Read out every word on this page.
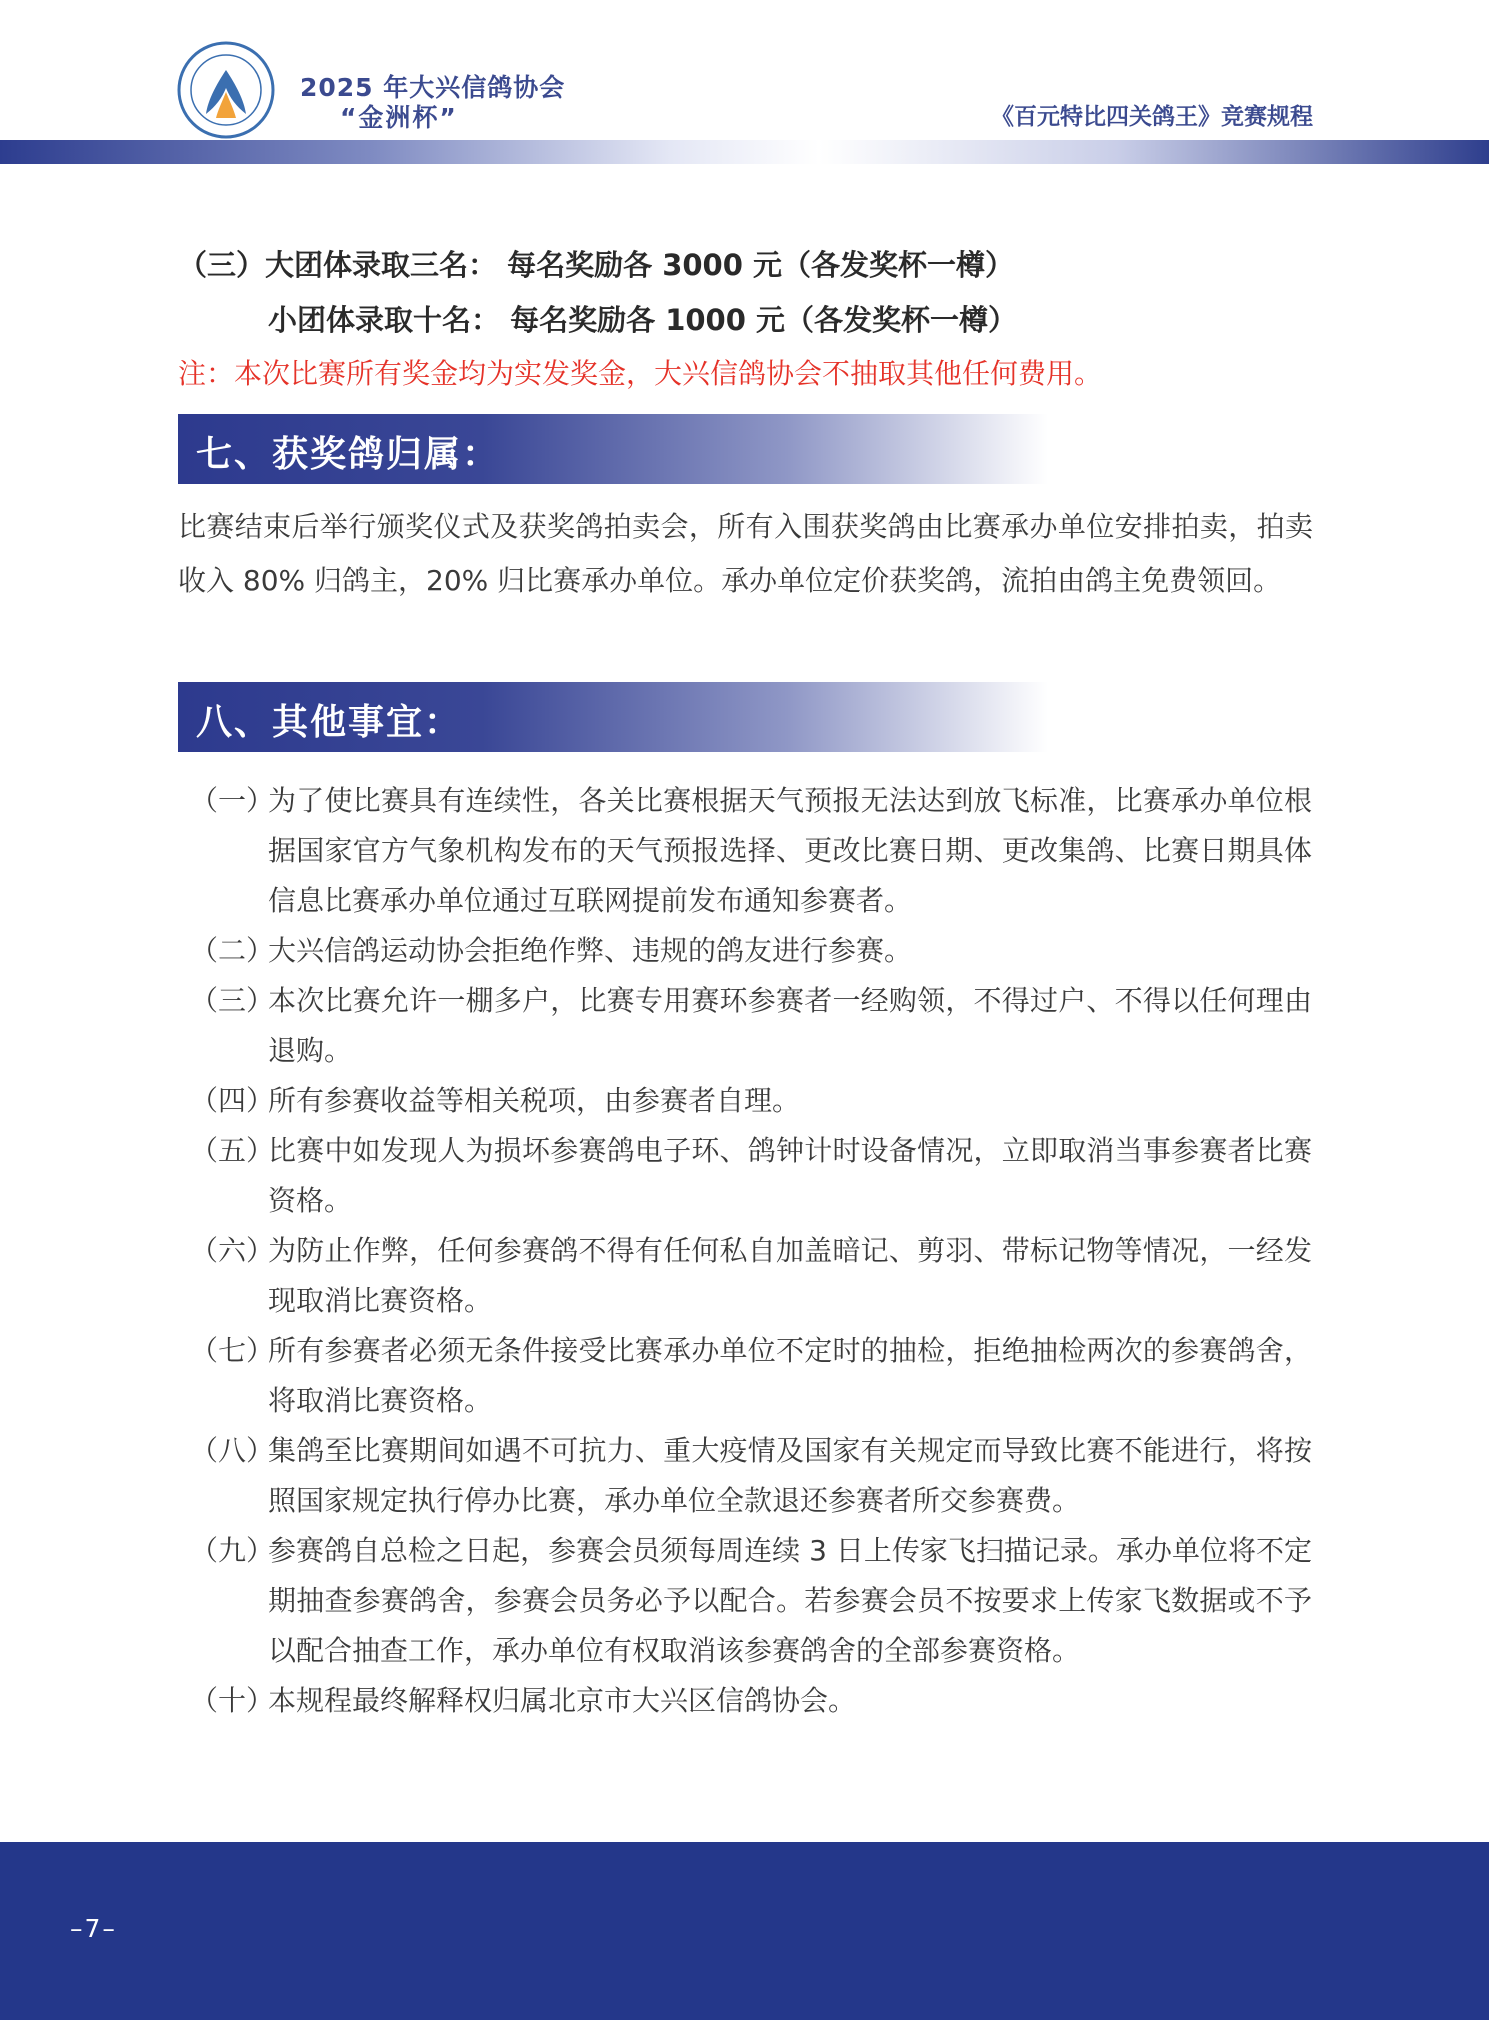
2025 年大兴信鸽协会
“金洲杯”	《百元特比四关鸽王》竞赛规程
（三）大团体录取三名： 每名奖励各 3000 元（各发奖杯一樽）
小团体录取十名： 每名奖励各 1000 元（各发奖杯一樽）
注：本次比赛所有奖金均为实发奖金，大兴信鸽协会不抽取其他任何费用。
七、获奖鸽归属：
比赛结束后举行颁奖仪式及获奖鸽拍卖会，所有入围获奖鸽由比赛承办单位安排拍卖，拍卖收入 80% 归鸽主，20% 归比赛承办单位。承办单位定价获奖鸽，流拍由鸽主免费领回。
八、其他事宜：
（一）
为了使比赛具有连续性，各关比赛根据天气预报无法达到放飞标准，比赛承办单位根据国家官方气象机构发布的天气预报选择、更改比赛日期、更改集鸽、比赛日期具体信息比赛承办单位通过互联网提前发布通知参赛者。
（二）
大兴信鸽运动协会拒绝作弊、违规的鸽友进行参赛。
（三）
本次比赛允许一棚多户，比赛专用赛环参赛者一经购领，不得过户、不得以任何理由退购。
（四）
所有参赛收益等相关税项，由参赛者自理。
（五）
比赛中如发现人为损坏参赛鸽电子环、鸽钟计时设备情况，立即取消当事参赛者比赛资格。
（六）
为防止作弊，任何参赛鸽不得有任何私自加盖暗记、剪羽、带标记物等情况，一经发现取消比赛资格。
（七）
所有参赛者必须无条件接受比赛承办单位不定时的抽检，拒绝抽检两次的参赛鸽舍，将取消比赛资格。
（八）
集鸽至比赛期间如遇不可抗力、重大疫情及国家有关规定而导致比赛不能进行，将按照国家规定执行停办比赛，承办单位全款退还参赛者所交参赛费。
（九）
参赛鸽自总检之日起，参赛会员须每周连续 3 日上传家飞扫描记录。承办单位将不定期抽查参赛鸽舍，参赛会员务必予以配合。若参赛会员不按要求上传家飞数据或不予以配合抽查工作，承办单位有权取消该参赛鸽舍的全部参赛资格。
（十）
本规程最终解释权归属北京市大兴区信鸽协会。
–7–
